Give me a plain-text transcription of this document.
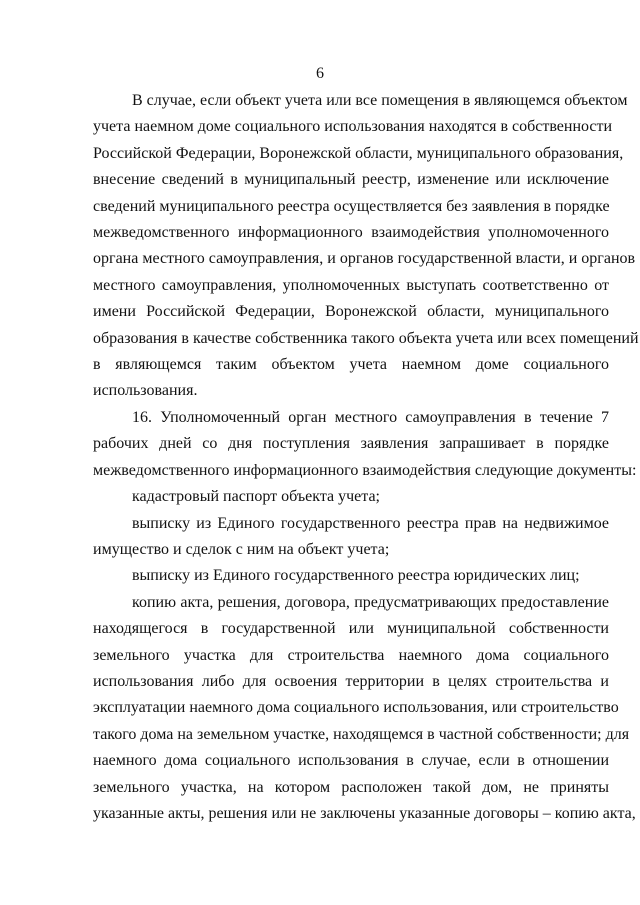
6

В случае, если объект учета или все помещения в являющемся объектом
учета наемном доме социального использования находятся в собственности
Российской Федерации, Воронежской области, муниципального образования,
внесение сведений в муниципальный реестр, изменение или исключение
сведений муниципального реестра осуществляется без заявления в порядке
межведомственного информационного взаимодействия уполномоченного
органа местного самоуправления, и органов государственной власти, и органов
местного самоуправления, уполномоченных выступать соответственно от
имени Российской Федерации, Воронежской области, муниципального
образования в качестве собственника такого объекта учета или всех помещений
в являющемся таким объектом учета наемном доме социального
использования.

16. Уполномоченный орган местного самоуправления в течение 7
рабочих дней со дня поступления заявления запрашивает в порядке
межведомственного информационного взаимодействия следующие документы:

кадастровый паспорт объекта учета;

выписку из Единого государственного реестра прав на недвижимое
имущество и сделок с ним на объект учета;

выписку из Единого государственного реестра юридических лиц;

копию акта, решения, договора, предусматривающих предоставление
находящегося в государственной или муниципальной собственности
земельного участка для строительства наемного дома социального
использования либо для освоения территории в целях строительства и
эксплуатации наемного дома социального использования, или строительство
такого дома на земельном участке, находящемся в частной собственности; для
наемного дома социального использования в случае, если в отношении
земельного участка, на котором расположен такой дом, не приняты
указанные акты, решения или не заключены указанные договоры – копию акта,
